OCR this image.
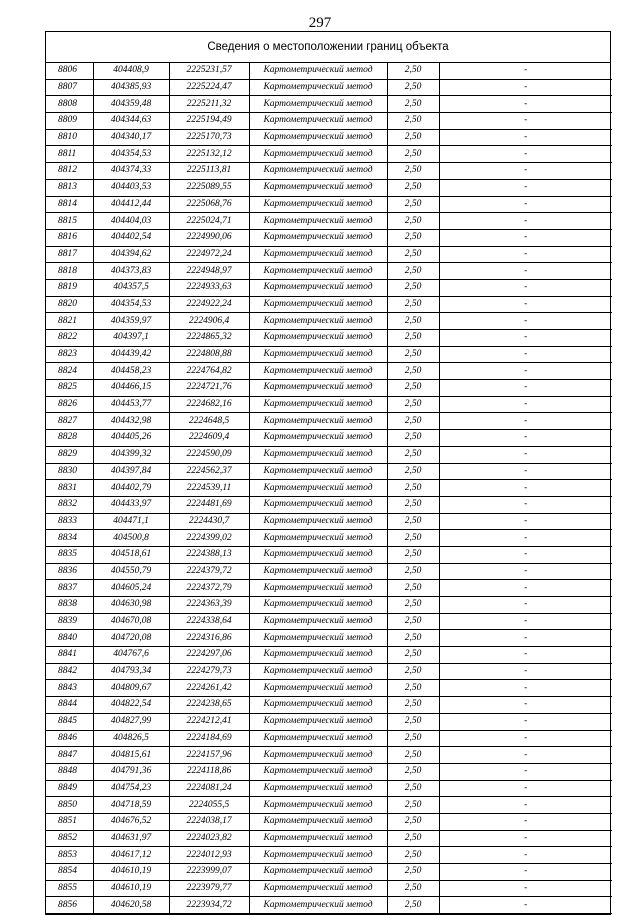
297
Сведения о местоположении границ объекта
8806	404408,9	2225231,57	Картометрический метод	2,50	-
8807	404385,93	2225224,47	Картометрический метод	2,50	-
8808	404359,48	2225211,32	Картометрический метод	2,50	-
8809	404344,63	2225194,49	Картометрический метод	2,50	-
8810	404340,17	2225170,73	Картометрический метод	2,50	-
8811	404354,53	2225132,12	Картометрический метод	2,50	-
8812	404374,33	2225113,81	Картометрический метод	2,50	-
8813	404403,53	2225089,55	Картометрический метод	2,50	-
8814	404412,44	2225068,76	Картометрический метод	2,50	-
8815	404404,03	2225024,71	Картометрический метод	2,50	-
8816	404402,54	2224990,06	Картометрический метод	2,50	-
8817	404394,62	2224972,24	Картометрический метод	2,50	-
8818	404373,83	2224948,97	Картометрический метод	2,50	-
8819	404357,5	2224933,63	Картометрический метод	2,50	-
8820	404354,53	2224922,24	Картометрический метод	2,50	-
8821	404359,97	2224906,4	Картометрический метод	2,50	-
8822	404397,1	2224865,32	Картометрический метод	2,50	-
8823	404439,42	2224808,88	Картометрический метод	2,50	-
8824	404458,23	2224764,82	Картометрический метод	2,50	-
8825	404466,15	2224721,76	Картометрический метод	2,50	-
8826	404453,77	2224682,16	Картометрический метод	2,50	-
8827	404432,98	2224648,5	Картометрический метод	2,50	-
8828	404405,26	2224609,4	Картометрический метод	2,50	-
8829	404399,32	2224590,09	Картометрический метод	2,50	-
8830	404397,84	2224562,37	Картометрический метод	2,50	-
8831	404402,79	2224539,11	Картометрический метод	2,50	-
8832	404433,97	2224481,69	Картометрический метод	2,50	-
8833	404471,1	2224430,7	Картометрический метод	2,50	-
8834	404500,8	2224399,02	Картометрический метод	2,50	-
8835	404518,61	2224388,13	Картометрический метод	2,50	-
8836	404550,79	2224379,72	Картометрический метод	2,50	-
8837	404605,24	2224372,79	Картометрический метод	2,50	-
8838	404630,98	2224363,39	Картометрический метод	2,50	-
8839	404670,08	2224338,64	Картометрический метод	2,50	-
8840	404720,08	2224316,86	Картометрический метод	2,50	-
8841	404767,6	2224297,06	Картометрический метод	2,50	-
8842	404793,34	2224279,73	Картометрический метод	2,50	-
8843	404809,67	2224261,42	Картометрический метод	2,50	-
8844	404822,54	2224238,65	Картометрический метод	2,50	-
8845	404827,99	2224212,41	Картометрический метод	2,50	-
8846	404826,5	2224184,69	Картометрический метод	2,50	-
8847	404815,61	2224157,96	Картометрический метод	2,50	-
8848	404791,36	2224118,86	Картометрический метод	2,50	-
8849	404754,23	2224081,24	Картометрический метод	2,50	-
8850	404718,59	2224055,5	Картометрический метод	2,50	-
8851	404676,52	2224038,17	Картометрический метод	2,50	-
8852	404631,97	2224023,82	Картометрический метод	2,50	-
8853	404617,12	2224012,93	Картометрический метод	2,50	-
8854	404610,19	2223999,07	Картометрический метод	2,50	-
8855	404610,19	2223979,77	Картометрический метод	2,50	-
8856	404620,58	2223934,72	Картометрический метод	2,50	-
